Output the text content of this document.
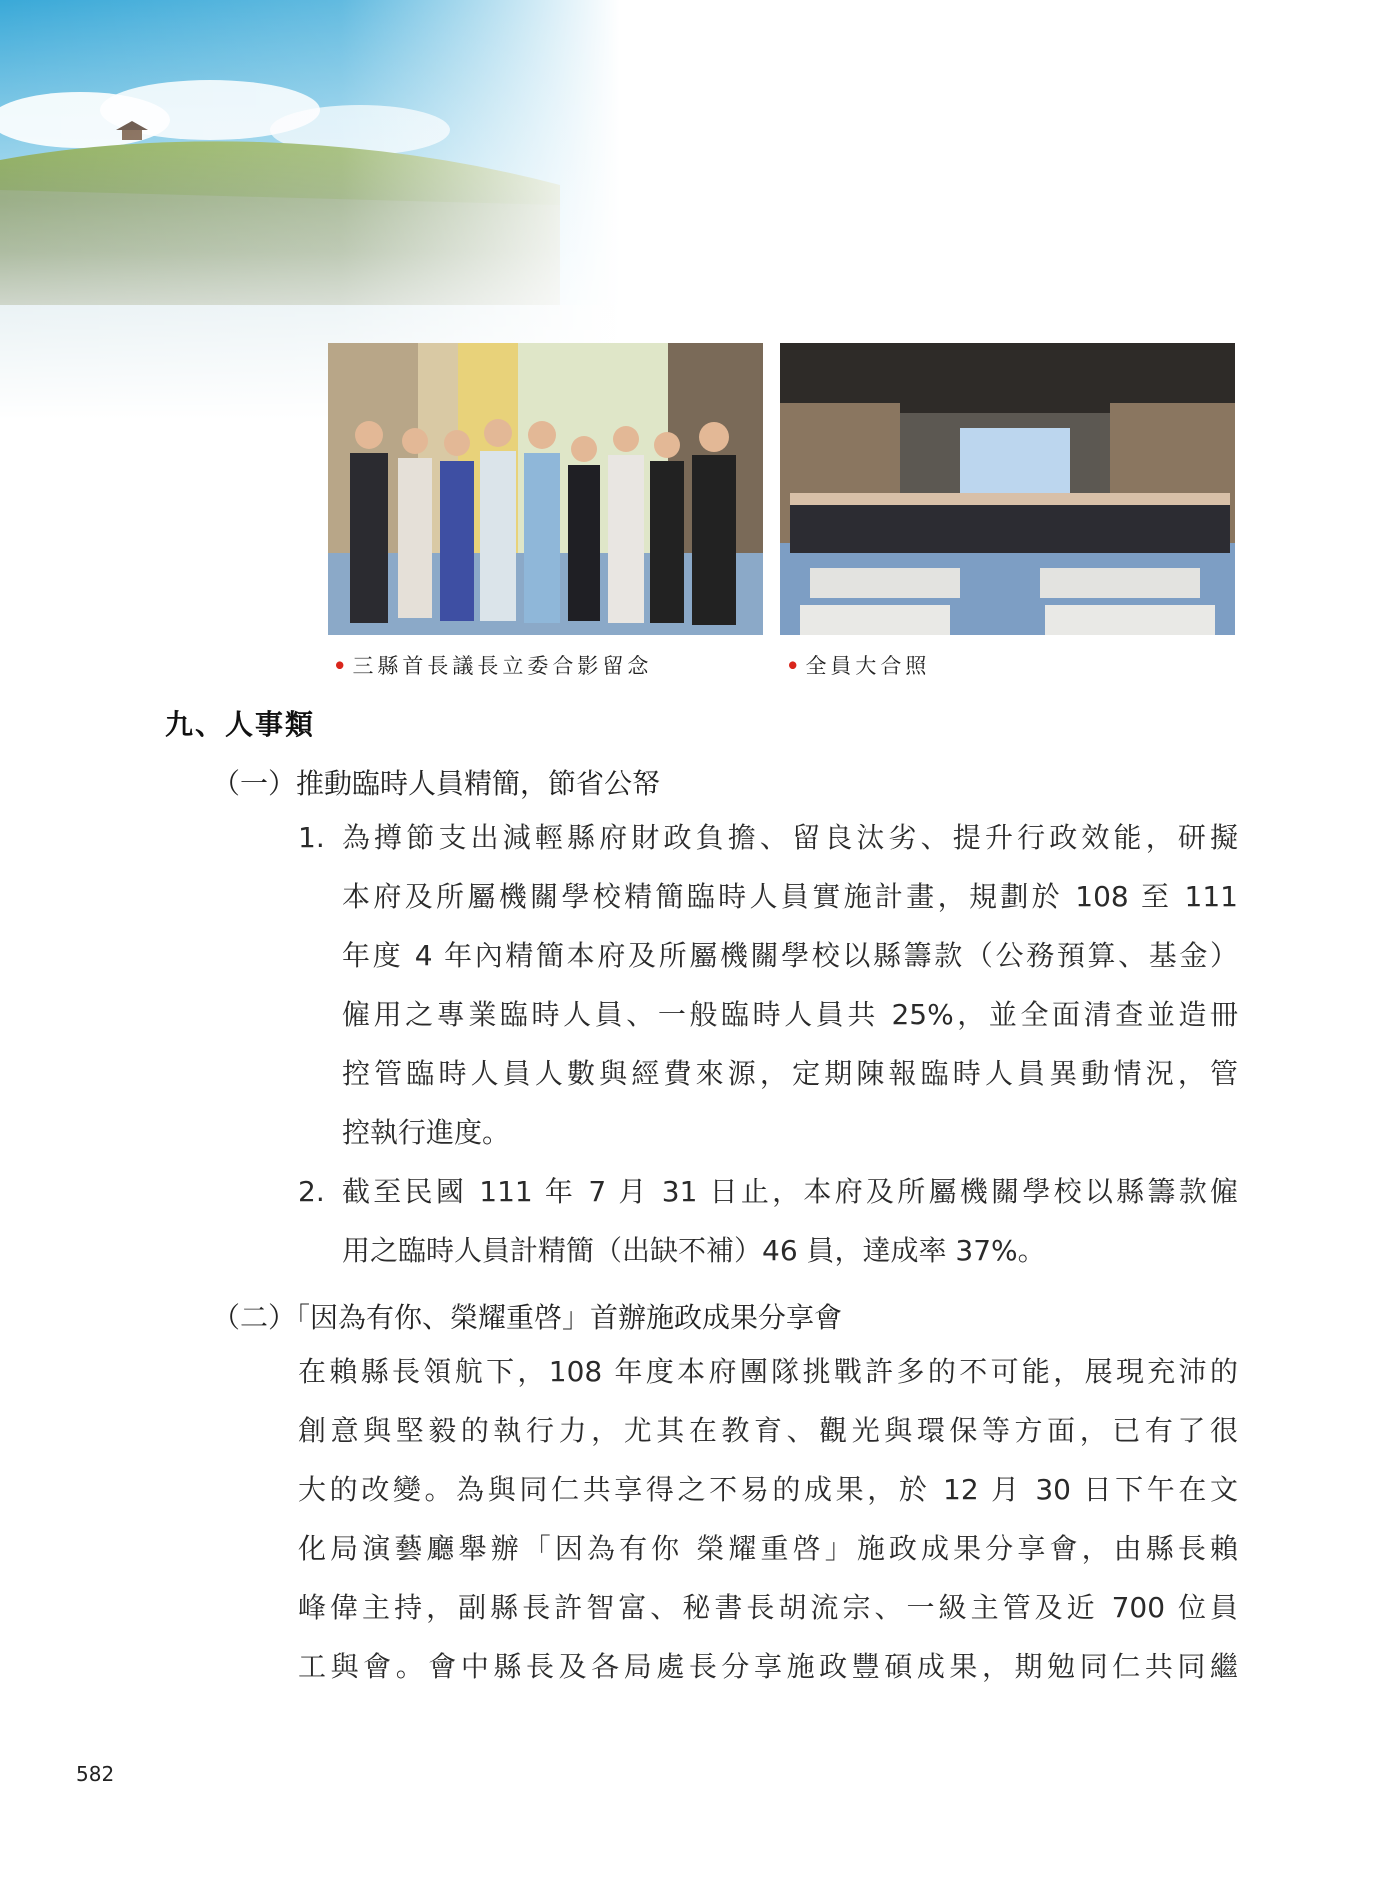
• 三縣首長議長立委合影留念	• 全員大合照
九、人事類
（一）推動臨時人員精簡，節省公帑
1. 為撙節支出減輕縣府財政負擔、留良汰劣、提升行政效能，研擬
本府及所屬機關學校精簡臨時人員實施計畫，規劃於 108 至 111
年度 4 年內精簡本府及所屬機關學校以縣籌款（公務預算、基金）
僱用之專業臨時人員、一般臨時人員共 25%，並全面清查並造冊
控管臨時人員人數與經費來源，定期陳報臨時人員異動情況，管
控執行進度。
2. 截至民國 111 年 7 月 31 日止，本府及所屬機關學校以縣籌款僱
用之臨時人員計精簡（出缺不補）46 員，達成率 37%。
（二）「因為有你、榮耀重啓」首辦施政成果分享會
在賴縣長領航下，108 年度本府團隊挑戰許多的不可能，展現充沛的
創意與堅毅的執行力，尤其在教育、觀光與環保等方面，已有了很
大的改變。為與同仁共享得之不易的成果，於 12 月 30 日下午在文
化局演藝廳舉辦「因為有你 榮耀重啓」施政成果分享會，由縣長賴
峰偉主持，副縣長許智富、秘書長胡流宗、一級主管及近 700 位員
工與會。會中縣長及各局處長分享施政豐碩成果，期勉同仁共同繼
582
